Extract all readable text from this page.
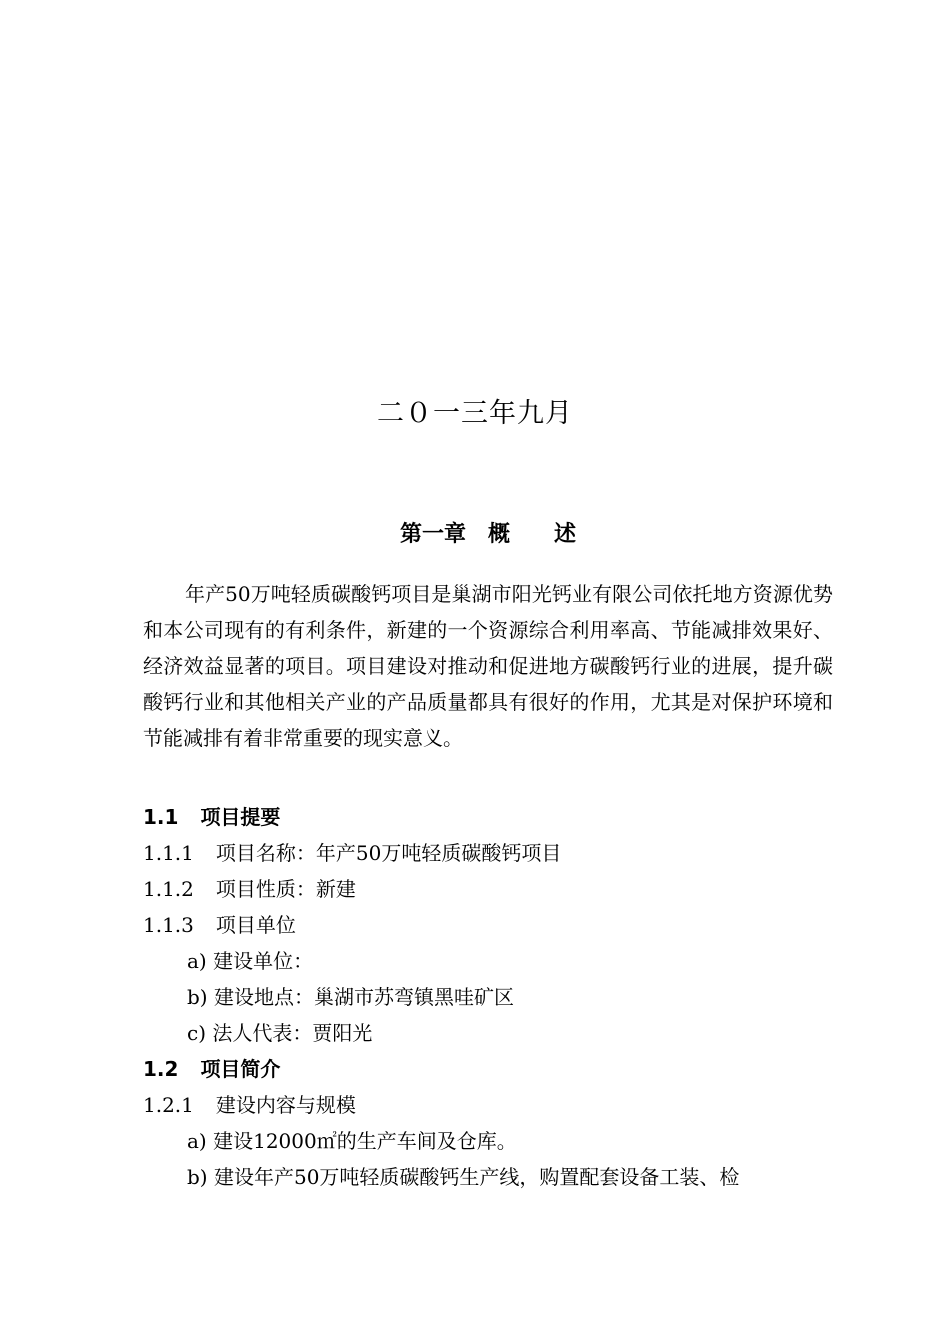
二０一三年九月
第一章　概　　述
年产50万吨轻质碳酸钙项目是巢湖市阳光钙业有限公司依托地方资源优势和本公司现有的有利条件，新建的一个资源综合利用率高、节能减排效果好、经济效益显著的项目。项目建设对推动和促进地方碳酸钙行业的进展，提升碳酸钙行业和其他相关产业的产品质量都具有很好的作用，尤其是对保护环境和节能减排有着非常重要的现实意义。
1.1 项目提要
1.1.1 项目名称：年产50万吨轻质碳酸钙项目
1.1.2 项目性质：新建
1.1.3 项目单位
a) 建设单位：
b) 建设地点：巢湖市苏弯镇黑哇矿区
c) 法人代表：贾阳光
1.2 项目简介
1.2.1 建设内容与规模
a) 建设12000㎡的生产车间及仓库。
b) 建设年产50万吨轻质碳酸钙生产线，购置配套设备工装、检
